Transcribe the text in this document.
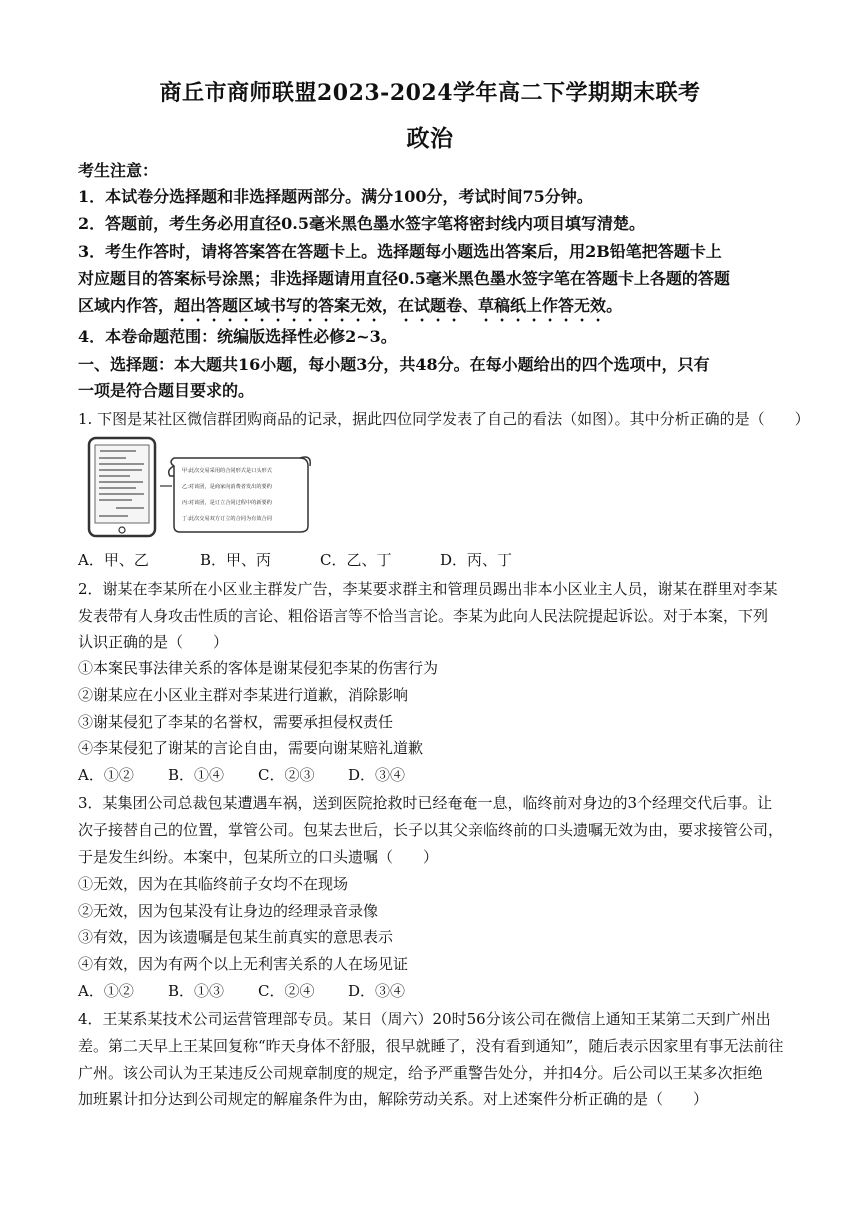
商丘市商师联盟2023-2024学年高二下学期期末联考
政治
考生注意：
1．本试卷分选择题和非选择题两部分。满分100分，考试时间75分钟。
2．答题前，考生务必用直径0.5毫米黑色墨水签字笔将密封线内项目填写清楚。
3．考生作答时，请将答案答在答题卡上。选择题每小题选出答案后，用2B铅笔把答题卡上
对应题目的答案标号涂黑；非选择题请用直径0.5毫米黑色墨水签字笔在答题卡上各题的答题
区域内作答，超出答题区域书写的答案无效，在试题卷、草稿纸上作答无效。
4．本卷命题范围：统编版选择性必修2~3。
一、选择题：本大题共16小题，每小题3分，共48分。在每小题给出的四个选项中，只有
一项是符合题目要求的。
1. 下图是某社区微信群团购商品的记录，据此四位同学发表了自己的看法（如图）。其中分析正确的是（　　）
甲:此次交易采用的合同形式是口头形式
乙:对该团，是商家向消费者发出的要约
丙:对该团，是订立合同过程中的新要约
丁:此次交易双方订立的合同为有效合同
A．甲、乙	B．甲、丙	C．乙、丁	D．丙、丁
2．谢某在李某所在小区业主群发广告，李某要求群主和管理员踢出非本小区业主人员，谢某在群里对李某
发表带有人身攻击性质的言论、粗俗语言等不恰当言论。李某为此向人民法院提起诉讼。对于本案，下列
认识正确的是（　　）
①本案民事法律关系的客体是谢某侵犯李某的伤害行为
②谢某应在小区业主群对李某进行道歉，消除影响
③谢某侵犯了李某的名誉权，需要承担侵权责任
④李某侵犯了谢某的言论自由，需要向谢某赔礼道歉
A．①② B．①④ C．②③ D．③④
3．某集团公司总裁包某遭遇车祸，送到医院抢救时已经奄奄一息，临终前对身边的3个经理交代后事。让
次子接替自己的位置，掌管公司。包某去世后，长子以其父亲临终前的口头遗嘱无效为由，要求接管公司，
于是发生纠纷。本案中，包某所立的口头遗嘱（　　）
①无效，因为在其临终前子女均不在现场
②无效，因为包某没有让身边的经理录音录像
③有效，因为该遗嘱是包某生前真实的意思表示
④有效，因为有两个以上无利害关系的人在场见证
A．①② B．①③ C．②④ D．③④
4．王某系某技术公司运营管理部专员。某日（周六）20时56分该公司在微信上通知王某第二天到广州出
差。第二天早上王某回复称“昨天身体不舒服，很早就睡了，没有看到通知”，随后表示因家里有事无法前往
广州。该公司认为王某违反公司规章制度的规定，给予严重警告处分，并扣4分。后公司以王某多次拒绝
加班累计扣分达到公司规定的解雇条件为由，解除劳动关系。对上述案件分析正确的是（　　）
